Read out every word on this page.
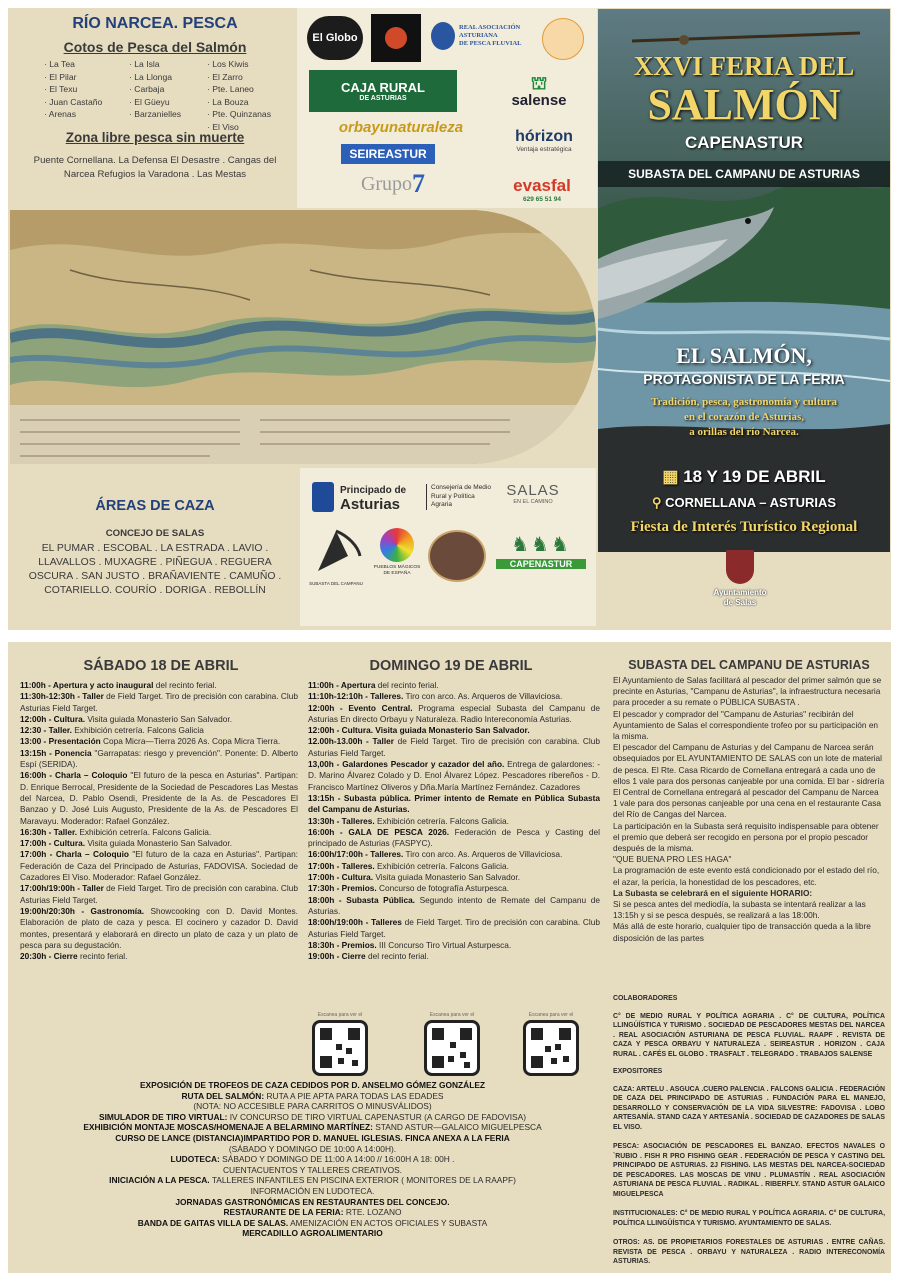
RÍO NARCEA. PESCA
Cotos de Pesca del Salmón
· La Tea
· El Pilar
· El Texu
· Juan Castaño
· Arenas
· La Isla
· La Llonga
· Carbaja
· El Güeyu
· Barzanielles
· Los Kiwis
· El Zarro
· Pte. Laneo
· La Bouza
· Pte. Quinzanas
· El Viso
Zona libre pesca sin muerte
Puente Cornellana. La Defensa El Desastre . Cangas del Narcea Refugios la Varadona . Las Mestas
El Globo
REAL ASOCIACIÓN
ASTURIANA
DE PESCA FLUVIAL
CAJA RURAL
DE ASTURIAS
⛫
salense
orbayunaturaleza
hórizon
Ventaja estratégica
SEIREASTUR
Grupo 7	evasfal
629 65 51 94
XXVI FERIA DEL
SALMÓN
CAPENASTUR
SUBASTA DEL CAMPANU DE ASTURIAS
EL SALMÓN,
PROTAGONISTA DE LA FERIA
Tradición, pesca, gastronomía y cultura
en el corazón de Asturias,
a orillas del río Narcea.
▦ 18 Y 19 DE ABRIL
⚲ CORNELLANA – ASTURIAS
Fiesta de Interés Turístico Regional
ÁREAS DE CAZA
CONCEJO DE SALAS
EL PUMAR . ESCOBAL . LA ESTRADA . LAVIO . LLAVALLOS . MUXAGRE . PIÑEGUA . REGUERA OSCURA . SAN JUSTO . BRAÑAVIENTE . CAMUÑO . COTARIELLO. COURÍO . DORIGA . REBOLLÍN
Principado de
Asturias
Consejería de Medio Rural y Política Agraria
SALAS
EN EL CAMINO
SUBASTA DEL CAMPANU
PUEBLOS MÁGICOS DE ESPAÑA
♞♞♞
CAPENASTUR
Ayuntamiento
de Salas
SÁBADO 18 DE ABRIL

11:00h - Apertura y acto inaugural del recinto ferial.

11:30h-12:30h - Taller de Field Target. Tiro de precisión con carabina. Club Asturias Field Target.

12:00h - Cultura. Visita guiada Monasterio San Salvador.

12:30 - Taller. Exhibición cetrería. Falcons Galicia

13:00 - Presentación Copa Micra—Tierra 2026 As. Copa Micra Tierra.

13:15h - Ponencia "Garrapatas: riesgo y prevención". Ponente: D. Alberto Espí (SERIDA).

16:00h - Charla – Coloquio "El futuro de la pesca en Asturias". Partipan: D. Enrique Berrocal, Presidente de la Sociedad de Pescadores Las Mestas del Narcea, D. Pablo Osendi, Presidente de la As. de Pescadores El Banzao y D. José Luis Augusto, Presidente de la As. de Pescadores El Maravayu. Moderador: Rafael González.

16:30h - Taller. Exhibición cetrería. Falcons Galicia.

17:00h - Cultura. Visita guiada Monasterio San Salvador.

17:00h - Charla – Coloquio "El futuro de la caza en Asturias". Partipan: Federación de Caza del Principado de Asturias, FADOVISA. Sociedad de Cazadores El Viso. Moderador: Rafael González.

17:00h/19:00h - Taller de Field Target. Tiro de precisión con carabina. Club Asturias Field Target.

19:00h/20:30h - Gastronomía. Showcooking con D. David Montes. Elaboración de plato de caza y pesca. El cocinero y cazador D. David montes, presentará y elaborará en directo un plato de caza y un plato de pesca para su degustación.

20:30h - Cierre recinto ferial.

DOMINGO 19 DE ABRIL

11:00h - Apertura del recinto ferial.

11:10h-12:10h - Talleres. Tiro con arco. As. Arqueros de Villaviciosa.

12:00h - Evento Central. Programa especial Subasta del Campanu de Asturias En directo Orbayu y Naturaleza. Radio Intereconomía Asturias.

12:00h - Cultura. Visita guiada Monasterio San Salvador.

12.00h-13.00h - Taller de Field Target. Tiro de precisión con carabina. Club Asturias Field Target.

13,00h - Galardones Pescador y cazador del año. Entrega de galardones: - D. Marino Álvarez Colado y D. Enol Álvarez López. Pescadores ribereños - D. Francisco Martínez Oliveros y Dña.María Martínez Fernández. Cazadores

13:15h - Subasta pública. Primer intento de Remate en Pública Subasta del Campanu de Asturias.

13:30h - Talleres. Exhibición cetrería. Falcons Galicia.

16:00h - GALA DE PESCA 2026. Federación de Pesca y Casting del principado de Asturias (FASPYC).

16:00h/17:00h - Talleres. Tiro con arco. As. Arqueros de Villaviciosa.

17:00h - Talleres. Exhibición cetrería. Falcons Galicia.

17:00h - Cultura. Visita guiada Monasterio San Salvador.

17:30h - Premios. Concurso de fotografía Asturpesca.

18:00h - Subasta Pública. Segundo intento de Remate del Campanu de Asturias.

18:00h/19:00h - Talleres de Field Target. Tiro de precisión con carabina. Club Asturias Field Target.

18:30h - Premios. III Concurso Tiro Virtual Asturpesca.

19:00h - Cierre del recinto ferial.

Escanea para ver el	Escanea para ver el	Escanea para ver el
SUBASTA DEL CAMPANU DE ASTURIAS

El Ayuntamiento de Salas facilitará al pescador del primer salmón que se precinte en Asturias, "Campanu de Asturias", la infraestructura necesaria para proceder a su remate o PÚBLICA SUBASTA .

El pescador y comprador del "Campanu de Asturias" recibirán del Ayuntamiento de Salas el correspondiente trofeo por su participación en la misma.

El pescador del Campanu de Asturias y del Campanu de Narcea serán obsequiados por EL AYUNTAMIENTO DE SALAS con un lote de material de pesca. El Rte. Casa Ricardo de Cornellana entregará a cada uno de ellos 1 vale para dos personas canjeable por una comida. El bar - sidrería El Central de Cornellana entregará al pescador del Campanu de Narcea 1 vale para dos personas canjeable por una cena en el restaurante Casa del Río de Cangas del Narcea.

La participación en la Subasta será requisito indispensable para obtener el premio que deberá ser recogido en persona por el propio pescador después de la misma.

"QUE BUENA PRO LES HAGA"

La programación de este evento está condicionado por el estado del río, el azar, la pericia, la honestidad de los pescadores, etc.

La Subasta se celebrará en el siguiente HORARIO:

Si se pesca antes del mediodía, la subasta se intentará realizar a las

13:15h y si se pesca después, se realizará a las 18:00h.

Más allá de este horario, cualquier tipo de transacción queda a la libre disposición de las partes

COLABORADORES

C° DE MEDIO RURAL Y POLÍTICA AGRARIA . C° DE CULTURA, POLÍTICA LLINGÜÍSTICA Y TURISMO . SOCIEDAD DE PESCADORES MESTAS DEL NARCEA . REAL ASOCIACIÓN ASTURIANA DE PESCA FLUVIAL. RAAPF . REVISTA DE CAZA Y PESCA ORBAYU Y NATURALEZA . SEIREASTUR . HORIZON . CAJA RURAL . CAFÉS EL GLOBO . TRASFALT . TELEGRADO . TRABAJOS SALENSE

EXPOSITORES

CAZA: ARTELU . ASGUCA .CUERO PALENCIA . FALCONS GALICIA . FEDERACIÓN DE CAZA DEL PRINCIPADO DE ASTURIAS . FUNDACIÓN PARA EL MANEJO, DESARROLLO Y CONSERVACIÓN DE LA VIDA SILVESTRE: FADOVISA . LOBO ARTESANÍA. STAND CAZA Y ARTESANÍA . SOCIEDAD DE CAZADORES DE SALAS EL VISO.

PESCA: ASOCIACIÓN DE PESCADORES EL BANZAO. EFECTOS NAVALES O `RUBIO . FISH R PRO FISHING GEAR . FEDERACIÓN DE PESCA Y CASTING DEL PRINCIPADO DE ASTURIAS. 2J FISHING. LAS MESTAS DEL NARCEA-SOCIEDAD DE PESCADORES. LAS MOSCAS DE VINU . PLUMASTÍN . REAL ASOCIACIÓN ASTURIANA DE PESCA FLUVIAL . RADIKAL . RIBERFLY. STAND ASTUR GALAICO MIGUELPESCA

INSTITUCIONALES: C° DE MEDIO RURAL Y POLÍTICA AGRARIA. C° DE CULTURA, POLÍTICA LLINGÜÍSTICA Y TURISMO. AYUNTAMIENTO DE SALAS.

OTROS: AS. DE PROPIETARIOS FORESTALES DE ASTURIAS . ENTRE CAÑAS. REVISTA DE PESCA . ORBAYU Y NATURALEZA . RADIO INTERECONOMÍA ASTURIAS.

EXPOSICIÓN DE TROFEOS DE CAZA CEDIDOS POR D. ANSELMO GÓMEZ GONZÁLEZ

RUTA DEL SALMÓN: RUTA A PIE APTA PARA TODAS LAS EDADES

(NOTA: NO ACCESIBLE PARA CARRITOS O MINUSVÁLIDOS)

SIMULADOR DE TIRO VIRTUAL: IV CONCURSO DE TIRO VIRTUAL CAPENASTUR (A CARGO DE FADOVISA)

EXHIBICIÓN MONTAJE MOSCAS/HOMENAJE A BELARMINO MARTÍNEZ: STAND ASTUR—GALAICO MIGUELPESCA

CURSO DE LANCE (DISTANCIA)IMPARTIDO POR D. MANUEL IGLESIAS. FINCA ANEXA A LA FERIA

(SÁBADO Y DOMINGO DE 10:00 A 14:00H).

LUDOTECA: SÁBADO Y DOMINGO DE 11:00 A 14:00 // 16:00H A 18: 00H .

CUENTACUENTOS Y TALLERES CREATIVOS.

INICIACIÓN A LA PESCA. TALLERES INFANTILES EN PISCINA EXTERIOR ( MONITORES DE LA RAAPF)

INFORMACIÓN EN LUDOTECA.

JORNADAS GASTRONÓMICAS EN RESTAURANTES DEL CONCEJO.

RESTAURANTE DE LA FERIA: RTE. LOZANO

BANDA DE GAITAS VILLA DE SALAS. AMENIZACIÓN EN ACTOS OFICIALES Y SUBASTA

MERCADILLO AGROALIMENTARIO
